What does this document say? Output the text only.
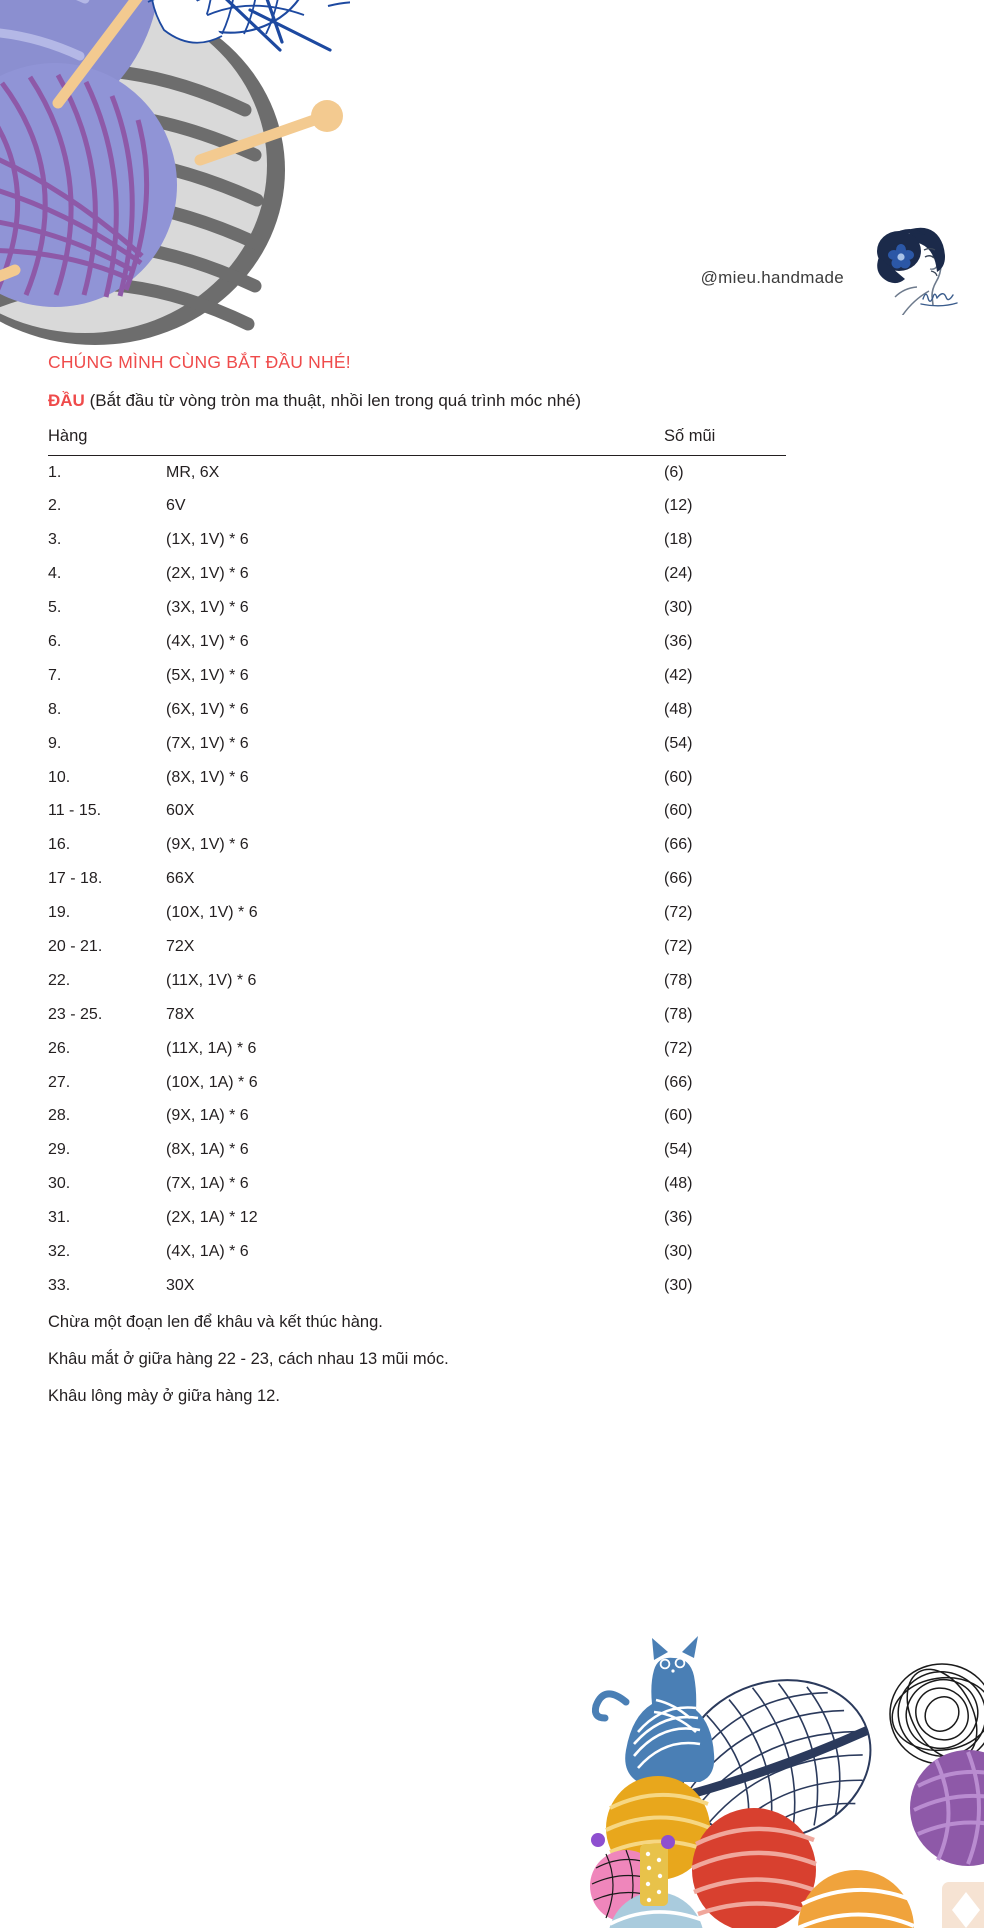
@mieu.handmade

CHÚNG MÌNH CÙNG BẮT ĐẦU NHÉ!

ĐẦU (Bắt đầu từ vòng tròn ma thuật, nhồi len trong quá trình móc nhé)

Hàng		Số mũi
1.	MR, 6X	(6)
2.	6V	(12)
3.	(1X, 1V) * 6	(18)
4.	(2X, 1V) * 6	(24)
5.	(3X, 1V) * 6	(30)
6.	(4X, 1V) * 6	(36)
7.	(5X, 1V) * 6	(42)
8.	(6X, 1V) * 6	(48)
9.	(7X, 1V) * 6	(54)
10.	(8X, 1V) * 6	(60)
11 - 15.	60X	(60)
16.	(9X, 1V) * 6	(66)
17 - 18.	66X	(66)
19.	(10X, 1V) * 6	(72)
20 - 21.	72X	(72)
22.	(11X, 1V) * 6	(78)
23 - 25.	78X	(78)
26.	(11X, 1A) * 6	(72)
27.	(10X, 1A) * 6	(66)
28.	(9X, 1A) * 6	(60)
29.	(8X, 1A) * 6	(54)
30.	(7X, 1A) * 6	(48)
31.	(2X, 1A) * 12	(36)
32.	(4X, 1A) * 6	(30)
33.	30X	(30)

Chừa một đoạn len để khâu và kết thúc hàng.

Khâu mắt ở giữa hàng 22 - 23, cách nhau 13 mũi móc.

Khâu lông mày ở giữa hàng 12.
